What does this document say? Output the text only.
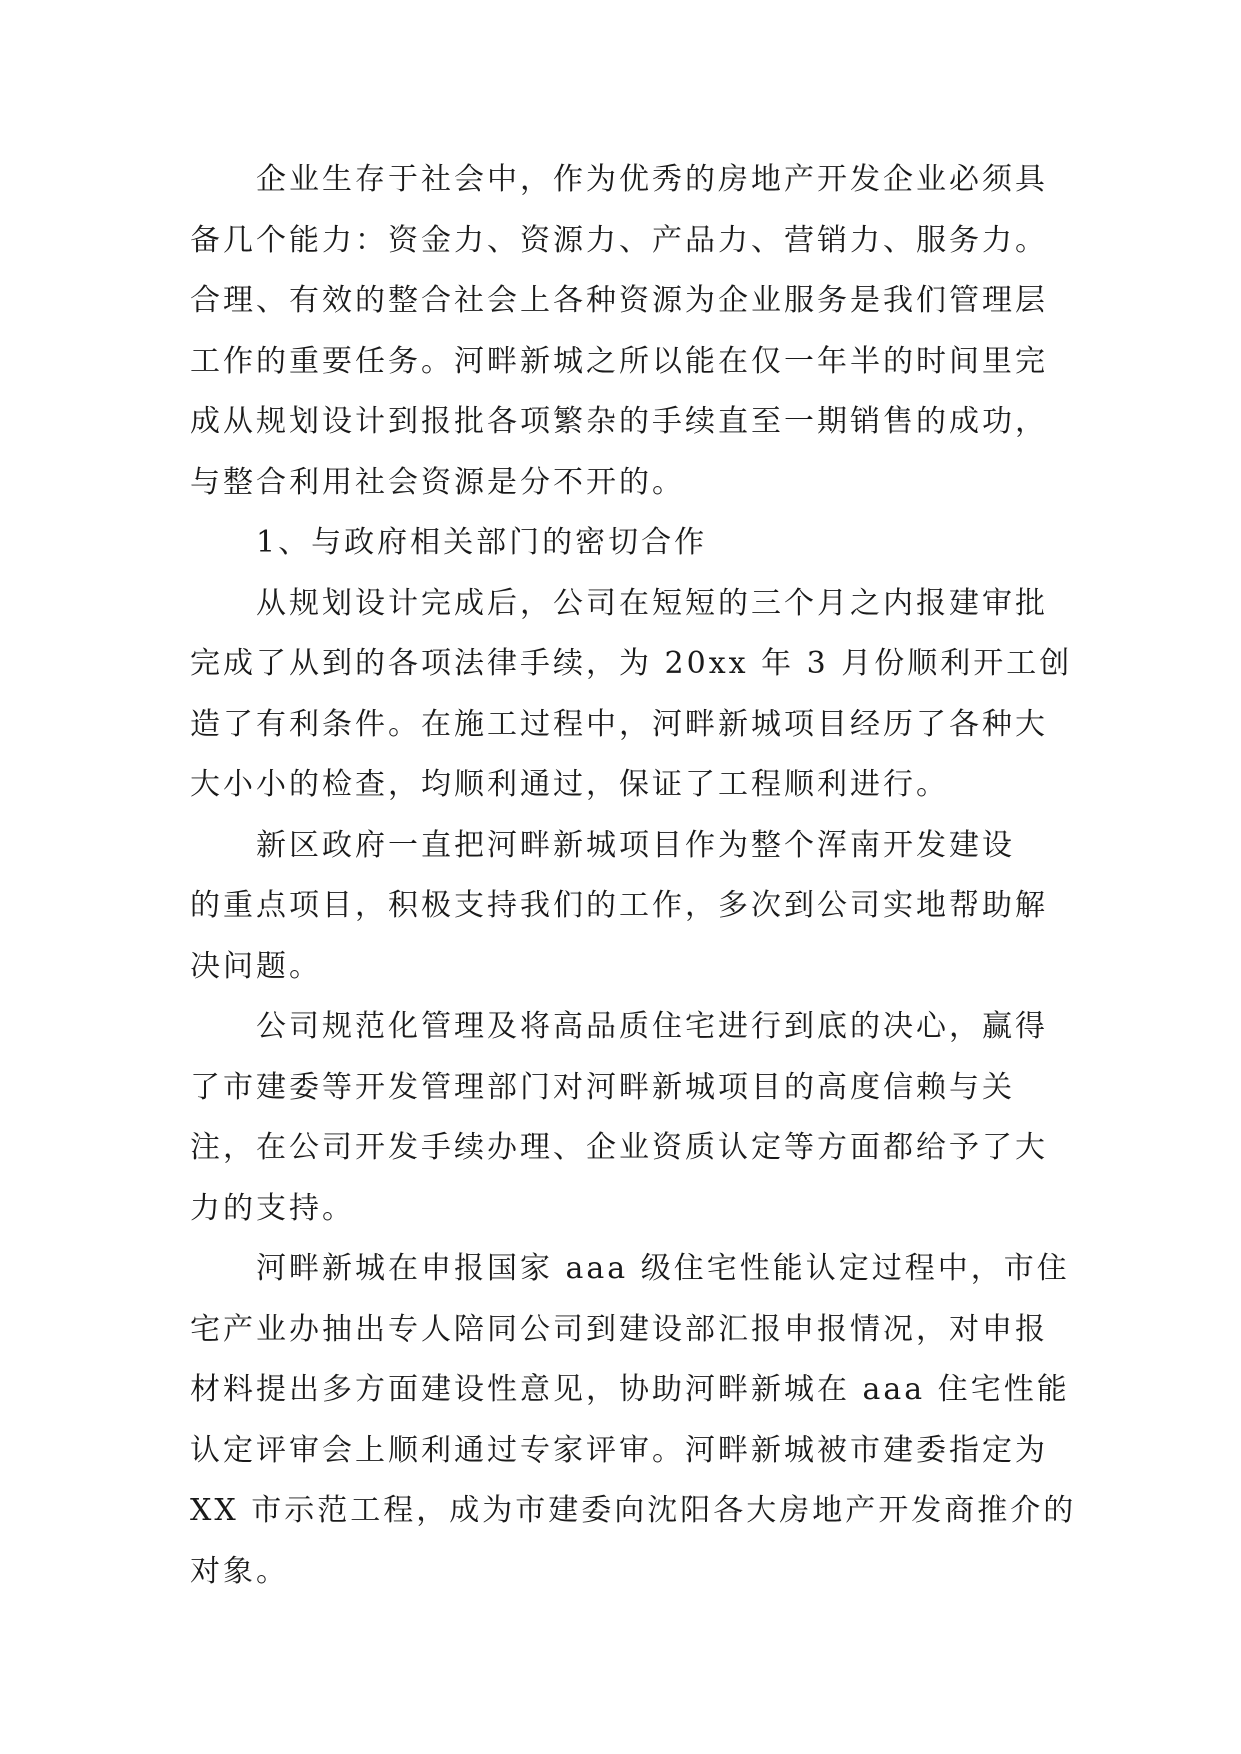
企业生存于社会中，作为优秀的房地产开发企业必须具
备几个能力：资金力、资源力、产品力、营销力、服务力。
合理、有效的整合社会上各种资源为企业服务是我们管理层
工作的重要任务。河畔新城之所以能在仅一年半的时间里完
成从规划设计到报批各项繁杂的手续直至一期销售的成功，
与整合利用社会资源是分不开的。
1、与政府相关部门的密切合作
从规划设计完成后，公司在短短的三个月之内报建审批
完成了从到的各项法律手续，为 20xx 年 3 月份顺利开工创
造了有利条件。在施工过程中，河畔新城项目经历了各种大
大小小的检查，均顺利通过，保证了工程顺利进行。
新区政府一直把河畔新城项目作为整个浑南开发建设
的重点项目，积极支持我们的工作，多次到公司实地帮助解
决问题。
公司规范化管理及将高品质住宅进行到底的决心，赢得
了市建委等开发管理部门对河畔新城项目的高度信赖与关
注，在公司开发手续办理、企业资质认定等方面都给予了大
力的支持。
河畔新城在申报国家 aaa 级住宅性能认定过程中，市住
宅产业办抽出专人陪同公司到建设部汇报申报情况，对申报
材料提出多方面建设性意见，协助河畔新城在 aaa 住宅性能
认定评审会上顺利通过专家评审。河畔新城被市建委指定为
XX 市示范工程，成为市建委向沈阳各大房地产开发商推介的
对象。
